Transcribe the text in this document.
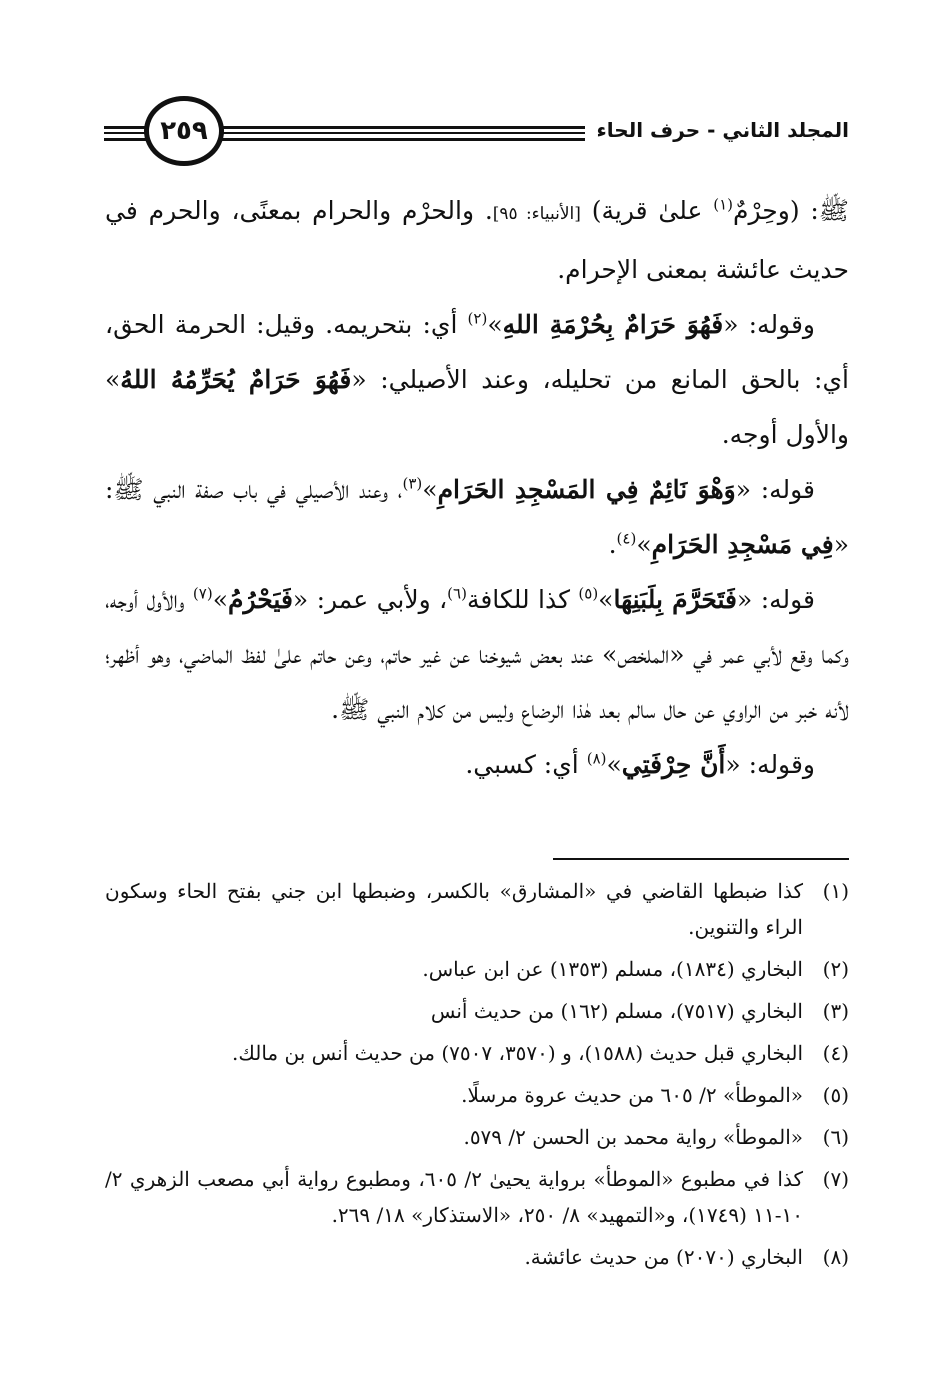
المجلد الثاني - حرف الحاء
٢٥٩

ﷺ: (وحِرْمٌ$^{(١)}$ علىٰ قرية) [الأنبياء: ٩٥]. والحرْم والحرام بمعنًى، والحرم في حديث عائشة بمعنى الإحرام.

وقوله: «فَهُوَ حَرَامٌ بِحُرْمَةِ اللهِ»$^{(٢)}$ أي: بتحريمه. وقيل: الحرمة الحق، أي: بالحق المانع من تحليله، وعند الأصيلي: «فَهُوَ حَرَامٌ يُحَرِّمُهُ اللهُ» والأول أوجه.

قوله: «وَهْوَ نَائِمٌ فِي المَسْجِدِ الحَرَامِ»$^{(٣)}$، وعند الأصيلي في باب صفة النبي ﷺ: «فِي مَسْجِدِ الحَرَامِ»$^{(٤)}$.

قوله: «فَتَحَرَّمَ بِلَبَنِهَا»$^{(٥)}$ كذا للكافة$^{(٦)}$، ولأبي عمر: «فَيَحْرُمُ»$^{(٧)}$ والأول أوجه، وكما وقع لأبي عمر في «الملخص» عند بعض شيوخنا عن غير حاتم، وعن حاتم علىٰ لفظ الماضي، وهو أظهر؛ لأنه خبر من الراوي عن حال سالم بعد هٰذا الرضاع وليس من كلام النبي ﷺ.

وقوله: «أَنَّ حِرْفَتِي»$^{(٨)}$ أي: كسبي.

(١)
كذا ضبطها القاضي في «المشارق» بالكسر، وضبطها ابن جني بفتح الحاء وسكون الراء والتنوين.
(٢)
البخاري (١٨٣٤)، مسلم (١٣٥٣) عن ابن عباس.
(٣)
البخاري (٧٥١٧)، مسلم (١٦٢) من حديث أنس
(٤)
البخاري قبل حديث (١٥٨٨)، و (٣٥٧٠، ٧٥٠٧) من حديث أنس بن مالك.
(٥)
«الموطأ» ٢/ ٦٠٥ من حديث عروة مرسلًا.
(٦)
«الموطأ» رواية محمد بن الحسن ٢/ ٥٧٩.
(٧)
كذا في مطبوع «الموطأ» برواية يحيىٰ ٢/ ٦٠٥، ومطبوع رواية أبي مصعب الزهري ٢/ ١٠-١١ (١٧٤٩)، و«التمهيد» ٨/ ٢٥٠، «الاستذكار» ١٨/ ٢٦٩.
(٨)
البخاري (٢٠٧٠) من حديث عائشة.
